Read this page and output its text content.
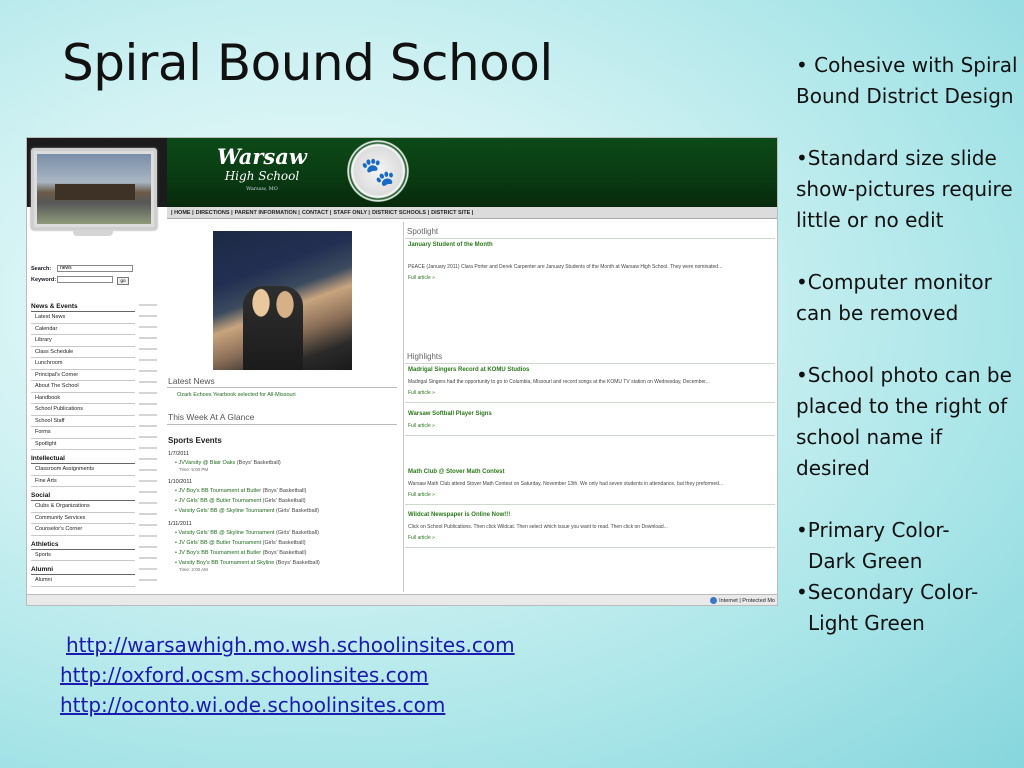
Spiral Bound School
Warsaw
High School
Warsaw, MO
🐾
| HOME | DIRECTIONS | PARENT INFORMATION | CONTACT | STAFF ONLY | DISTRICT SCHOOLS | DISTRICT SITE |
Search:	news
Keyword:	go
News & Events
Latest News
Calendar
Library
Class Schedule
Lunchroom
Principal's Corner
About The School
Handbook
School Publications
School Staff
Forms
Spotlight
Intellectual
Classroom Assignments
Fine Arts
Social
Clubs & Organizations
Community Services
Counselor's Corner
Athletics
Sports
Alumni
Alumni
Latest News
Ozark Echoes Yearbook selected for All-Missouri
This Week At A Glance
Sports Events
1/7/2011
• JVVarsity @ Blair Oaks (Boys' Basketball)
Time: 5:00 PM
1/10/2011
• JV Boy's BB Tournament at Butler (Boys' Basketball)
• JV Girls' BB @ Butler Tournament (Girls' Basketball)
• Varsity Girls' BB @ Skyline Tournament (Girls' Basketball)
1/11/2011
• Varsity Girls' BB @ Skyline Tournament (Girls' Basketball)
• JV Girls' BB @ Butler Tournament (Girls' Basketball)
• JV Boy's BB Tournament at Butler (Boys' Basketball)
• Varsity Boy's BB Tournament at Skyline (Boys' Basketball)
Time: 2:00 AM
Spotlight
January Student of the Month
PEACE (January 2011) Clara Porter and Derek Carpenter are January Students of the Month at Warsaw High School. They were nominated...
Full article »
Highlights
Madrigal Singers Record at KOMU Studios
Madrigal Singers had the opportunity to go to Columbia, Missouri and record songs at the KOMU TV station on Wednesday, December...
Full article »
Warsaw Softball Player Signs
Full article »
Math Club @ Stover Math Contest
Warsaw Math Club attend Stover Math Contest on Saturday, November 13th. We only had seven students in attendance, but they preformed...
Full article »
Wildcat Newspaper is Online Now!!!
Click on School Publications. Then click Wildcat. Then select which issue you want to read. Then click on Download...
Full article »
Internet | Protected Mo

• Cohesive with Spiral Bound District Design

•Standard size slide show-pictures require little or no edit

•Computer monitor can be removed

•School photo can be placed to the right of school name if desired

•Primary Color-
Dark Green

•Secondary Color-
Light Green

http://warsawhigh.mo.wsh.schoolinsites.com
http://oxford.ocsm.schoolinsites.com
http://oconto.wi.ode.schoolinsites.com
